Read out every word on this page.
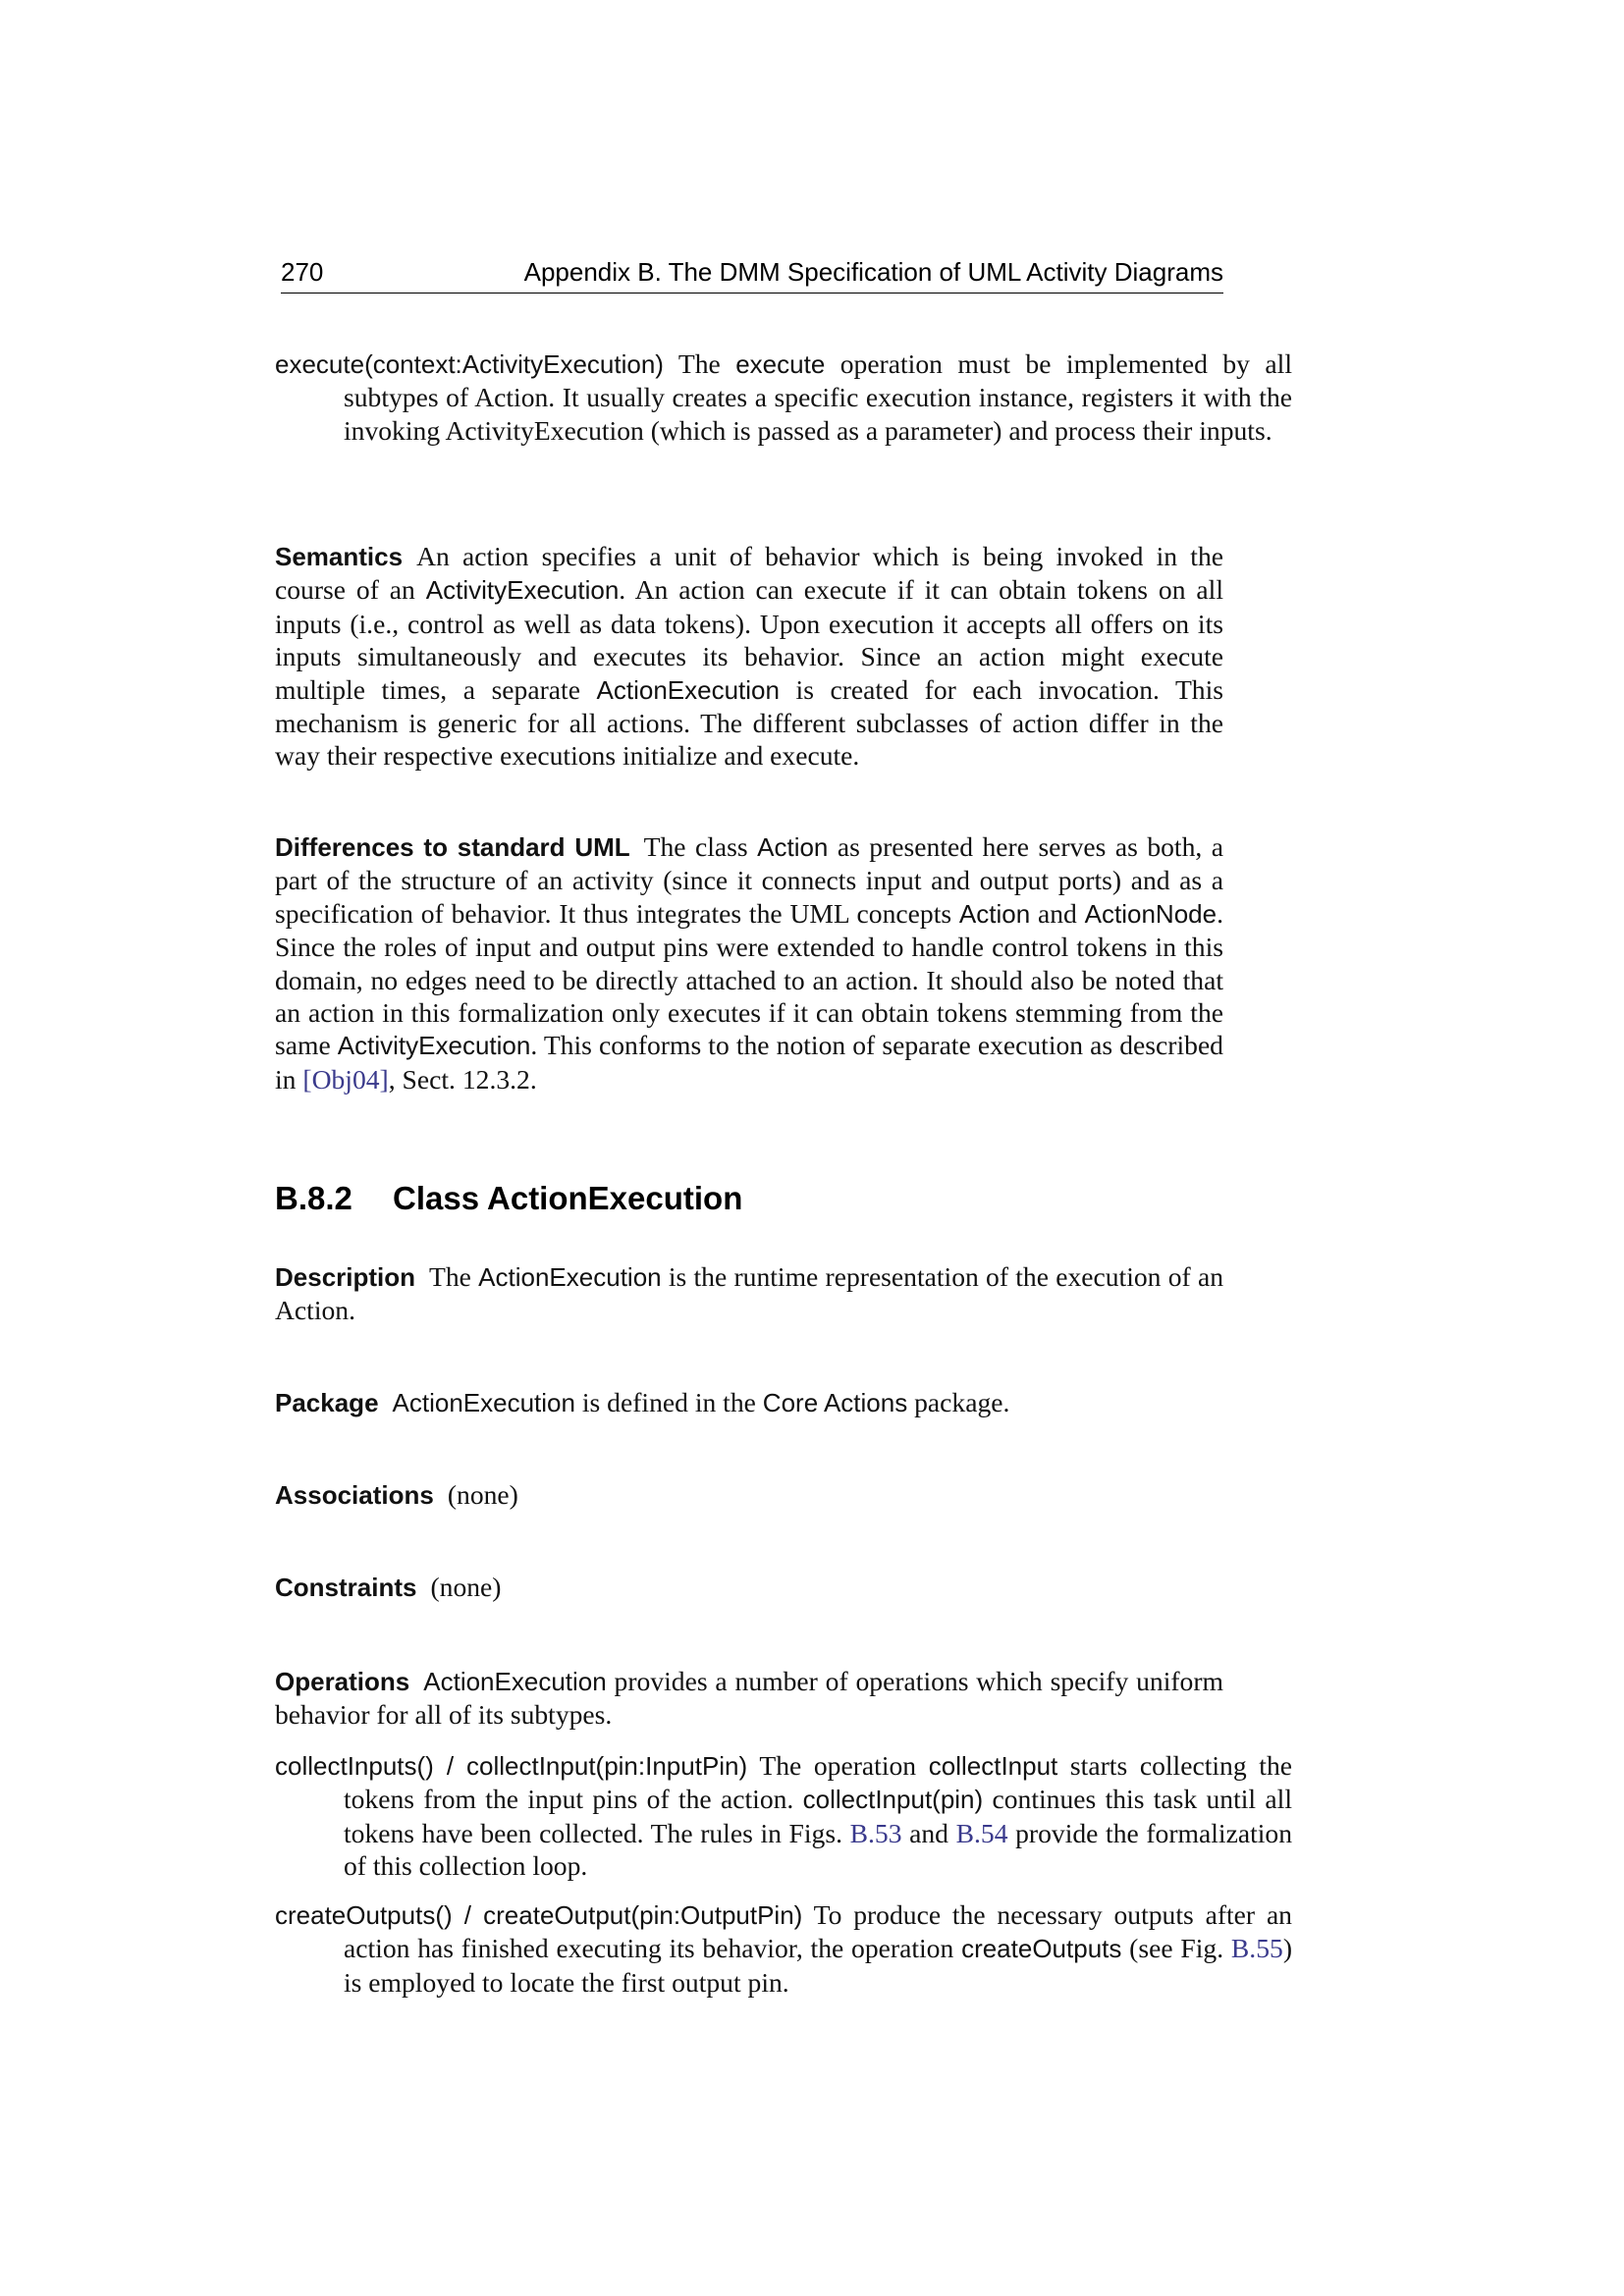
270	Appendix B. The DMM Specification of UML Activity Diagrams
execute(context:ActivityExecution) The execute operation must be implemented by all subtypes of Action. It usually creates a specific execution instance, registers it with the invoking ActivityExecution (which is passed as a parameter) and process their inputs.
Semantics An action specifies a unit of behavior which is being invoked in the course of an ActivityExecution. An action can execute if it can obtain tokens on all inputs (i.e., control as well as data tokens). Upon execution it accepts all offers on its inputs simultaneously and executes its behavior. Since an action might execute multiple times, a separate ActionExecution is created for each invocation. This mechanism is generic for all actions. The different subclasses of action differ in the way their respective executions initialize and execute.
Differences to standard UML The class Action as presented here serves as both, a part of the structure of an activity (since it connects input and output ports) and as a specification of behavior. It thus integrates the UML concepts Action and ActionNode. Since the roles of input and output pins were extended to handle control tokens in this domain, no edges need to be directly attached to an action. It should also be noted that an action in this formalization only executes if it can obtain tokens stemming from the same ActivityExecution. This conforms to the notion of separate execution as described in [Obj04], Sect. 12.3.2.
B.8.2 Class ActionExecution
Description The ActionExecution is the runtime representation of the execution of an Action.
Package ActionExecution is defined in the Core Actions package.
Associations (none)
Constraints (none)
Operations ActionExecution provides a number of operations which specify uniform behavior for all of its subtypes.
collectInputs() / collectInput(pin:InputPin) The operation collectInput starts collecting the tokens from the input pins of the action. collectInput(pin) continues this task until all tokens have been collected. The rules in Figs. B.53 and B.54 provide the formalization of this collection loop.
createOutputs() / createOutput(pin:OutputPin) To produce the necessary outputs after an action has finished executing its behavior, the operation createOutputs (see Fig. B.55) is employed to locate the first output pin.
